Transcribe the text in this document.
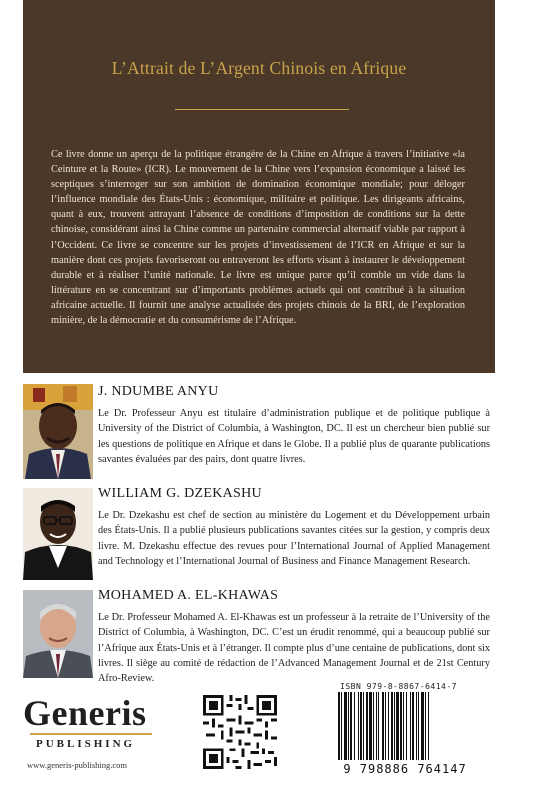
L’Attrait de L’Argent Chinois en Afrique
Ce livre donne un aperçu de la politique étrangère de la Chine en Afrique à travers l’initiative «la Ceinture et la Route» (ICR). Le mouvement de la Chine vers l’expansion économique a laissé les sceptiques s’interroger sur son ambition de domination économique mondiale; pour déloger l’influence mondiale des États-Unis : économique, militaire et politique. Les dirigeants africains, quant à eux, trouvent attrayant l’absence de conditions d’imposition de conditions sur la dette chinoise, considérant ainsi la Chine comme un partenaire commercial alternatif viable par rapport à l’Occident. Ce livre se concentre sur les projets d’investissement de l’ICR en Afrique et sur la manière dont ces projets favoriseront ou entraveront les efforts visant à instaurer le développement durable et à réaliser l’unité nationale. Le livre est unique parce qu’il comble un vide dans la littérature en se concentrant sur d’importants problèmes actuels qui ont contribué à la situation africaine actuelle. Il fournit une analyse actualisée des projets chinois de la BRI, de l’exploration minière, de la démocratie et du consumérisme de l’Afrique.
J. NDUMBE ANYU
Le Dr. Professeur Anyu est titulaire d’administration publique et de politique publique à University of the District of Columbia, à Washington, DC. Il est un chercheur bien publié sur les questions de politique en Afrique et dans le Globe. Il a publié plus de quarante publications savantes évaluées par des pairs, dont quatre livres.
WILLIAM G. DZEKASHU
Le Dr. Dzekashu est chef de section au ministère du Logement et du Développement urbain des États-Unis. Il a publié plusieurs publications savantes citées sur la gestion, y compris deux livre. M. Dzekashu effectue des revues pour l’International Journal of Applied Management and Technology et l’International Journal of Business and Finance Management Research.
MOHAMED A. EL-KHAWAS
Le Dr. Professeur Mohamed A. El-Khawas est un professeur à la retraite de l’University of the District of Columbia, à Washington, DC. C’est un érudit renommé, qui a beaucoup publié sur l’Afrique aux États-Unis et à l’étranger. Il compte plus d’une centaine de publications, dont six livres. Il siège au comité de rédaction de l’Advanced Management Journal et de 21st Century Afro-Review.
Generis
PUBLISHING
www.generis-publishing.com
ISBN 979-8-8867-6414-7
9 798886 764147
